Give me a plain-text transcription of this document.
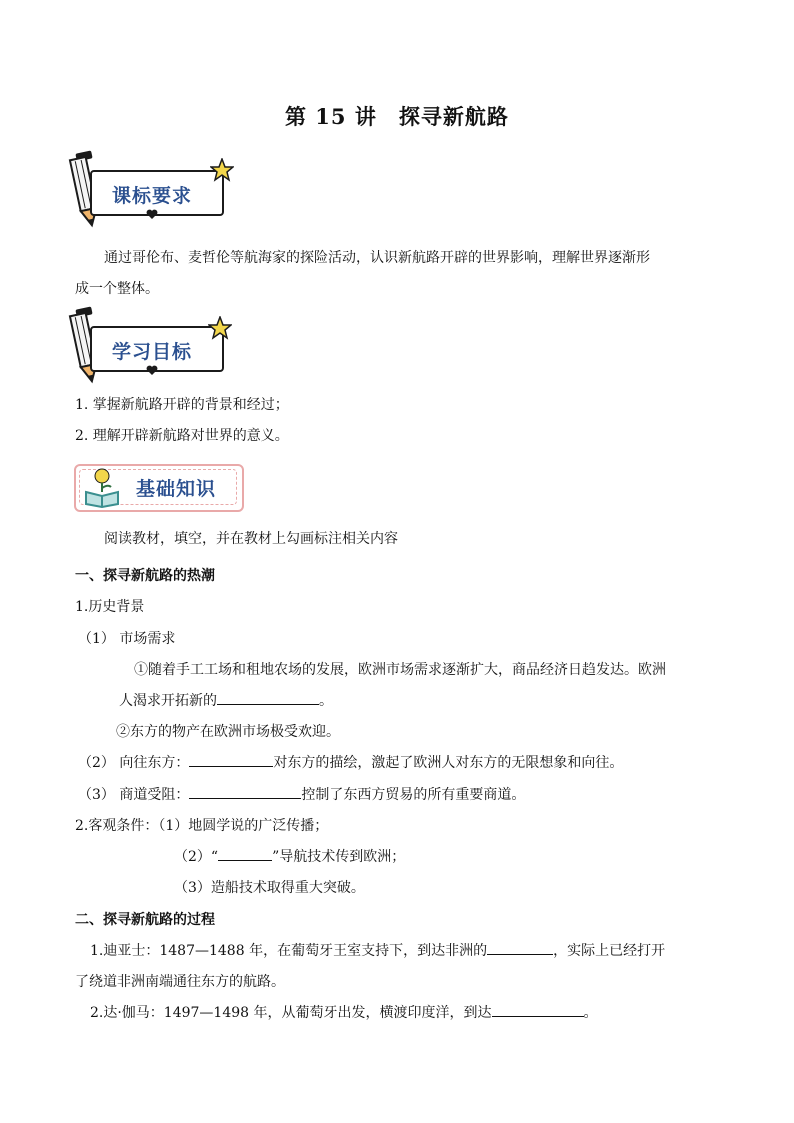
第 15 讲　探寻新航路
课标要求
通过哥伦布、麦哲伦等航海家的探险活动，认识新航路开辟的世界影响，理解世界逐渐形
成一个整体。
学习目标
1. 掌握新航路开辟的背景和经过；
2. 理解开辟新航路对世界的意义。
基础知识
阅读教材，填空，并在教材上勾画标注相关内容
一、探寻新航路的热潮
1.历史背景
（1） 市场需求
①随着手工工场和租地农场的发展，欧洲市场需求逐渐扩大，商品经济日趋发达。欧洲
人渴求开拓新的	。
②东方的物产在欧洲市场极受欢迎。
（2） 向往东方：	对东方的描绘，激起了欧洲人对东方的无限想象和向往。
（3） 商道受阻：	控制了东西方贸易的所有重要商道。
2.客观条件：（1）地圆学说的广泛传播；
（2）“	”导航技术传到欧洲；
（3）造船技术取得重大突破。
二、探寻新航路的过程
1.迪亚士：1487—1488 年，在葡萄牙王室支持下，到达非洲的	，实际上已经打开
了绕道非洲南端通往东方的航路。
2.达·伽马：1497—1498 年，从葡萄牙出发，横渡印度洋，到达	。
